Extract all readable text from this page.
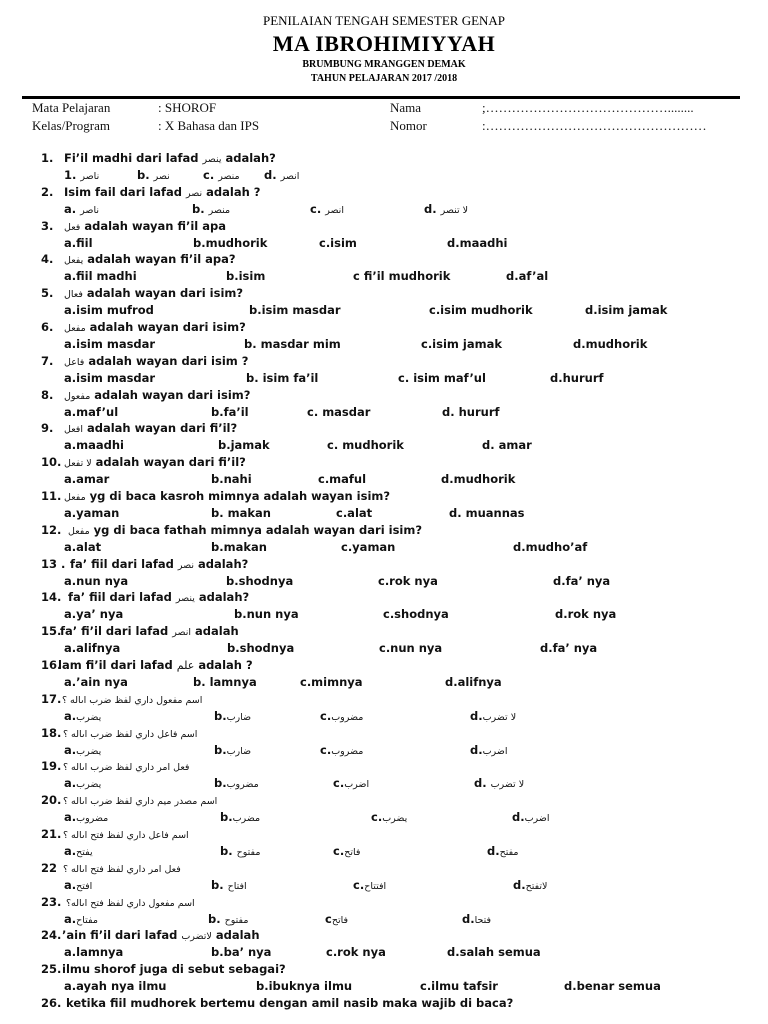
PENILAIAN TENGAH SEMESTER GENAP
MA IBROHIMIYYAH
BRUMBUNG MRANGGEN DEMAK
TAHUN PELAJARAN 2017 /2018
Mata Pelajaran	: SHOROF	Nama	;……………………………………........
Kelas/Program	: X Bahasa dan IPS	Nomor	:……………………………………………
1. Fi’il madhi dari lafad ينصر adalah?
1. ناصر	b. نصر	c. منصر d. انصر
2. Isim fail dari lafad نصر adalah ?
a. ناصر	b. منصر	c. انصر	d. لا تنصر
3. فعل adalah wayan fi’il apa
a.fiil	b.mudhorik	c.isim	d.maadhi
4. يفعل adalah wayan fi’il apa?
a.fiil madhi	b.isim	c fi’il mudhorik	d.af’al
5. فعال adalah wayan dari isim?
a.isim mufrod	b.isim masdar	c.isim mudhorik	d.isim jamak
6. مفعل adalah wayan dari isim?
a.isim masdar	b. masdar mim	c.isim jamak	d.mudhorik
7. فاعل adalah wayan dari isim ?
a.isim masdar	b. isim fa’il	c. isim maf’ul	d.hururf
8. مفعول adalah wayan dari isim?
a.maf’ul	b.fa’il	c. masdar	d. hururf
9. افعل adalah wayan dari fi’il?
a.maadhi	b.jamak	c. mudhorik	d. amar
10. لا تفعل adalah wayan dari fi’il?
a.amar	b.nahi	c.maful	d.mudhorik
11. مفعل yg di baca kasroh mimnya adalah wayan isim?
a.yaman	b. makan	c.alat	d. muannas
12. مفعل yg di baca fathah mimnya adalah wayan dari isim?
a.alat	b.makan	c.yaman	d.mudho’af
13 . fa’ fiil dari lafad نصر adalah?
a.nun nya	b.shodnya	c.rok nya	d.fa’ nya
14. fa’ fiil dari lafad ينصر adalah?
a.ya’ nya	b.nun nya	c.shodnya	d.rok nya
15.
fa’ fi’il dari lafad انصر adalah
a.alifnya	b.shodnya	c.nun nya	d.fa’ nya
16.
lam fi’il dari lafad علم adalah ?
a.’ain nya	b. lamnya	c.mimnya	d.alifnya
17. اسم مفعول داري لفظ ضرب اىاله ؟
a.يضرب	b.ضارب	c.مضروب	d.لا تضرب
18. اسم فاعل داري لفظ ضرب اىاله ؟
a.يضرب	b.ضارب	c.مضروب	d.اضرب
19. فعل امر داري لفظ ضرب اىاله ؟
a.يضرب	b.مضروب	c.اضرب	d. لا تضرب
20. اسم مصدر ميم داري لفظ ضرب اىاله ؟
a.مضروب	b.مضرب	c.يضرب	d.اضرب
21. اسم فاعل داري لفظ فتح اىاله ؟
a.يفتح	b. مفتوح	c.فاتح	d.مفتح
22 فعل امر داري لفظ فتح اىاله ؟
a.افتح	b. افتاح	c.افتتاح	d.لاتفتح
23. اسم مفعول داري لفظ فتح اىاله؟
a.مفتاح	b. مفتوح	cفاتح	d.فتحا
24. ’ain fi’il dari lafad لاتضرب adalah
a.lamnya	b.ba’ nya	c.rok nya	d.salah semua
25. ilmu shorof juga di sebut sebagai?
a.ayah nya ilmu	b.ibuknya ilmu	c.ilmu tafsir	d.benar semua
26. ketika fiil mudhorek bertemu dengan amil nasib maka wajib di baca?
